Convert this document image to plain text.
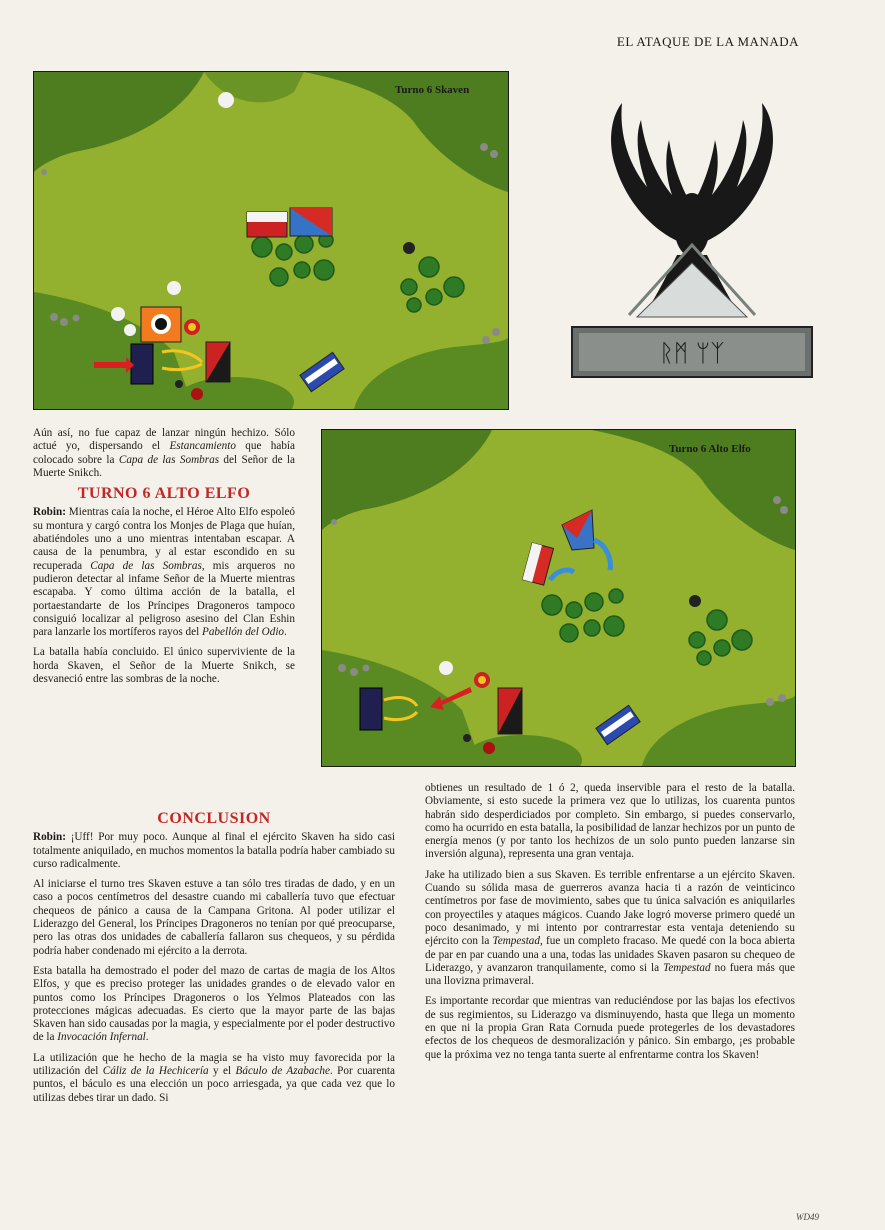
EL ATAQUE DE LA MANADA
Turno 6 Skaven
ᚱᛗ ᛘᛉ
Turno 6 Alto Elfo

Aún así, no fue capaz de lanzar ningún hechizo. Sólo actué yo, dispersando el Estancamiento que había colocado sobre la Capa de las Sombras del Señor de la Muerte Snikch.

TURNO 6 ALTO ELFO

Robin: Mientras caía la noche, el Héroe Alto Elfo espoleó su montura y cargó contra los Monjes de Plaga que huían, abatiéndoles uno a uno mientras intentaban escapar. A causa de la penumbra, y al estar escondido en su recuperada Capa de las Sombras, mis arqueros no pudieron detectar al infame Señor de la Muerte mientras escapaba. Y como última acción de la batalla, el portaestandarte de los Príncipes Dragoneros tampoco consiguió localizar al peligroso asesino del Clan Eshin para lanzarle los mortíferos rayos del Pabellón del Odio.

La batalla había concluido. El único superviviente de la horda Skaven, el Señor de la Muerte Snikch, se desvaneció entre las sombras de la noche.

CONCLUSION

Robin: ¡Uff! Por muy poco. Aunque al final el ejército Skaven ha sido casi totalmente aniquilado, en muchos momentos la batalla podría haber cambiado su curso radicalmente.

Al iniciarse el turno tres Skaven estuve a tan sólo tres tiradas de dado, y en un caso a pocos centímetros del desastre cuando mi caballería tuvo que efectuar chequeos de pánico a causa de la Campana Gritona. Al poder utilizar el Liderazgo del General, los Príncipes Dragoneros no tenían por qué preocuparse, pero las otras dos unidades de caballería fallaron sus chequeos, y su pérdida podría haber condenado mi ejército a la derrota.

Esta batalla ha demostrado el poder del mazo de cartas de magia de los Altos Elfos, y que es preciso proteger las unidades grandes o de elevado valor en puntos como los Príncipes Dragoneros o los Yelmos Plateados con las protecciones mágicas adecuadas. Es cierto que la mayor parte de las bajas Skaven han sido causadas por la magia, y especialmente por el poder destructivo de la Invocación Infernal.

La utilización que he hecho de la magia se ha visto muy favorecida por la utilización del Cáliz de la Hechicería y el Báculo de Azabache. Por cuarenta puntos, el báculo es una elección un poco arriesgada, ya que cada vez que lo utilizas debes tirar un dado. Si

obtienes un resultado de 1 ó 2, queda inservible para el resto de la batalla. Obviamente, si esto sucede la primera vez que lo utilizas, los cuarenta puntos habrán sido desperdiciados por completo. Sin embargo, si puedes conservarlo, como ha ocurrido en esta batalla, la posibilidad de lanzar hechizos por un punto de energía menos (y por tanto los hechizos de un solo punto pueden lanzarse sin inversión alguna), representa una gran ventaja.

Jake ha utilizado bien a sus Skaven. Es terrible enfrentarse a un ejército Skaven. Cuando su sólida masa de guerreros avanza hacia ti a razón de veinticinco centímetros por fase de movimiento, sabes que tu única salvación es aniquilarles con proyectiles y ataques mágicos. Cuando Jake logró moverse primero quedé un poco desanimado, y mi intento por contrarrestar esta ventaja deteniendo su ejército con la Tempestad, fue un completo fracaso. Me quedé con la boca abierta de par en par cuando una a una, todas las unidades Skaven pasaron su chequeo de Liderazgo, y avanzaron tranquilamente, como si la Tempestad no fuera más que una llovizna primaveral.

Es importante recordar que mientras van reduciéndose por las bajas los efectivos de sus regimientos, su Liderazgo va disminuyendo, hasta que llega un momento en que ni la propia Gran Rata Cornuda puede protegerles de los devastadores efectos de los chequeos de desmoralización y pánico. Sin embargo, ¡es probable que la próxima vez no tenga tanta suerte al enfrentarme contra los Skaven!

WD49
